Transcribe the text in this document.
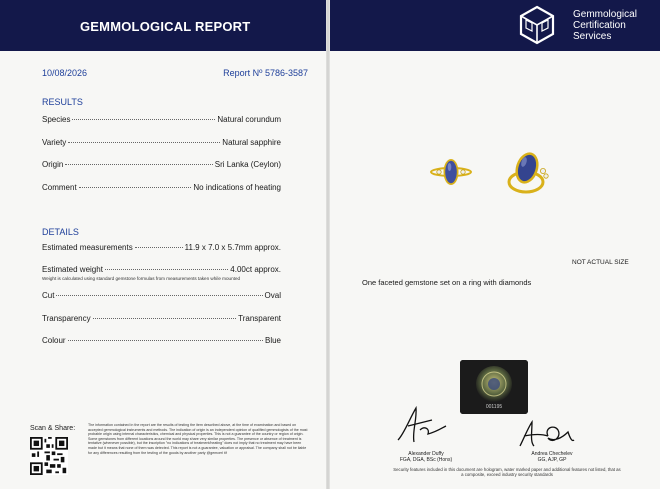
GEMMOLOGICAL REPORT
10/08/2026	Report Nº 5786-3587
RESULTS
Species	Natural corundum
Variety	Natural sapphire
Origin	Sri Lanka (Ceylon)
Comment	No indications of heating
DETAILS
Estimated measurements	11.9 x 7.0 x 5.7mm approx.
Estimated weight	4.00ct approx.
Weight is calculated using standard gemstone formulas from measurements taken while mounted
Cut	Oval
Transparency	Transparent
Colour	Blue
Scan & Share:	The information contained in the report are the results of testing the item described above, at the time of examination and based on accepted gemmological instruments and methods. The indication of origin is an independent opinion of qualified gemmologists of the most probable origin using internal characteristics, chemical and physical properties. This is not a guarantee of the country or region of origin. Some gemstones from different locations around the world may share very similar properties. The presence or absence of treatment is tentative (whenever possible), but the inscription "no indications of treatment/heating" does not imply that no treatment may have been made but it means that none of them was detected. This report is not a guarantee, valuation or appraisal. The company shall not be liable for any differences resulting from the testing of the goods by another party @gemcerl tif
Gemmological
Certification
Services
NOT ACTUAL SIZE
One faceted gemstone set on a ring with diamonds
001195
Alexander Duffy
FGA, DGA, BSc (Hons)
Andrea Chechelev
GG, AJP, GP
Security features included in this document are hologram, water marked paper and additional features not listed, that as a composite, exceed industry security standards
